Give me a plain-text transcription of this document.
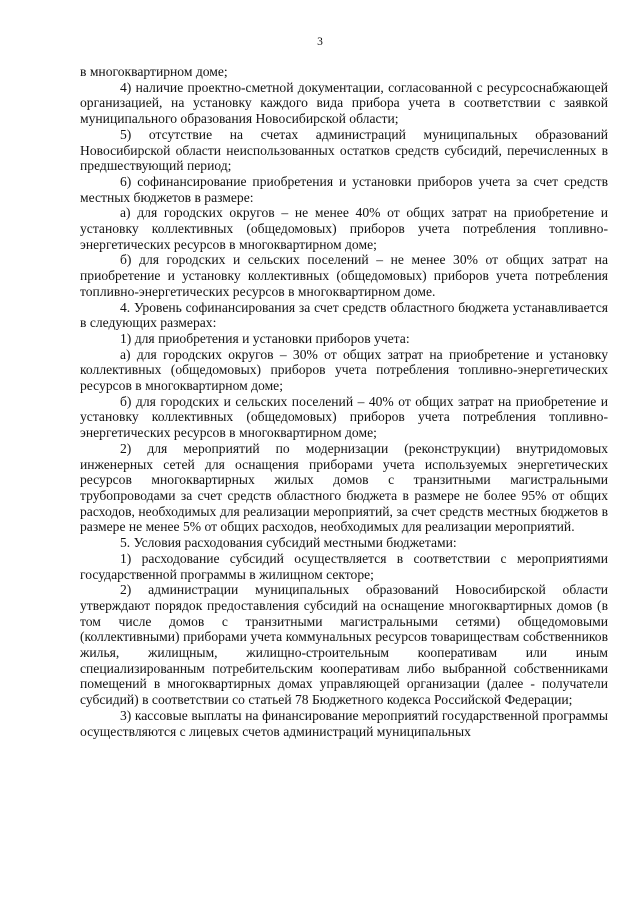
3

в многоквартирном доме;

4) наличие проектно-сметной документации, согласованной с ресурсоснабжающей организацией, на установку каждого вида прибора учета в соответствии с заявкой муниципального образования Новосибирской области;

5) отсутствие на счетах администраций муниципальных образований Новосибирской области неиспользованных остатков средств субсидий, перечисленных в предшествующий период;

6) софинансирование приобретения и установки приборов учета за счет средств местных бюджетов в размере:

а) для городских округов – не менее 40% от общих затрат на приобретение и установку коллективных (общедомовых) приборов учета потребления топливно-энергетических ресурсов в многоквартирном доме;

б) для городских и сельских поселений – не менее 30% от общих затрат на приобретение и установку коллективных (общедомовых) приборов учета потребления топливно-энергетических ресурсов в многоквартирном доме.

4. Уровень софинансирования за счет средств областного бюджета устанавливается в следующих размерах:

1) для приобретения и установки приборов учета:

а) для городских округов – 30% от общих затрат на приобретение и установку коллективных (общедомовых) приборов учета потребления топливно-энергетических ресурсов в многоквартирном доме;

б) для городских и сельских поселений – 40% от общих затрат на приобретение и установку коллективных (общедомовых) приборов учета потребления топливно-энергетических ресурсов в многоквартирном доме;

2) для мероприятий по модернизации (реконструкции) внутридомовых инженерных сетей для оснащения приборами учета используемых энергетических ресурсов многоквартирных жилых домов с транзитными магистральными трубопроводами за счет средств областного бюджета в размере не более 95% от общих расходов, необходимых для реализации мероприятий, за счет средств местных бюджетов в размере не менее 5% от общих расходов, необходимых для реализации мероприятий.

5. Условия расходования субсидий местными бюджетами:

1) расходование субсидий осуществляется в соответствии с мероприятиями государственной программы в жилищном секторе;

2) администрации муниципальных образований Новосибирской области утверждают порядок предоставления субсидий на оснащение многоквартирных домов (в том числе домов с транзитными магистральными сетями) общедомовыми (коллективными) приборами учета коммунальных ресурсов товариществам собственников жилья, жилищным, жилищно-строительным кооперативам или иным специализированным потребительским кооперативам либо выбранной собственниками помещений в многоквартирных домах управляющей организации (далее - получатели субсидий) в соответствии со статьей 78 Бюджетного кодекса Российской Федерации;

3) кассовые выплаты на финансирование мероприятий государственной программы осуществляются с лицевых счетов администраций муниципальных
